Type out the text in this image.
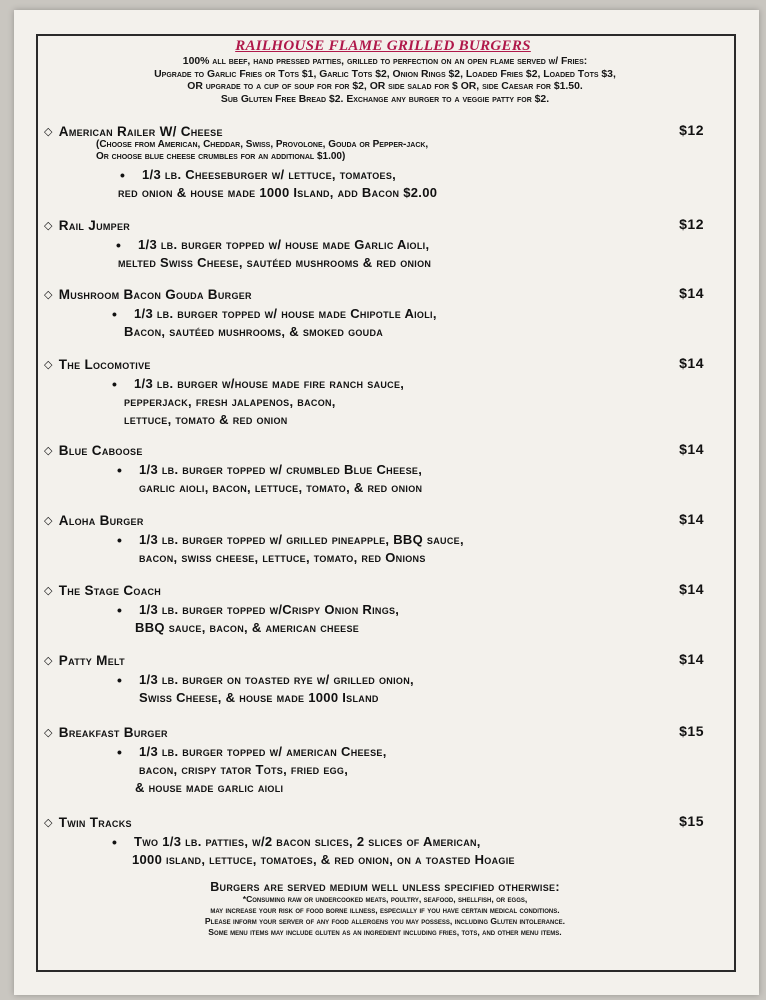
RAILHOUSE FLAME GRILLED BURGERS
100% all beef, hand pressed patties, grilled to perfection on an open flame served w/ Fries:
Upgrade to Garlic Fries or Tots $1, Garlic Tots $2, Onion Rings $2, Loaded Fries $2, Loaded Tots $3,
OR upgrade to a cup of soup for for $2, OR side salad for $ OR, side Caesar for $1.50.
Sub Gluten Free Bread $2. Exchange any burger to a veggie patty for $2.
◇ American Railer W/ Cheese	$12
(Choose from American, Cheddar, Swiss, Provolone, Gouda or Pepper-jack,
Or choose blue cheese crumbles for an additional $1.00)
• 1/3 lb. Cheeseburger w/ lettuce, tomatoes,
red onion & house made 1000 Island, add Bacon $2.00
◇ Rail Jumper	$12
• 1/3 lb. burger topped w/ house made Garlic Aioli,
melted Swiss Cheese, sautéed mushrooms & red onion
◇ Mushroom Bacon Gouda Burger	$14
• 1/3 lb. burger topped w/ house made Chipotle Aioli,
Bacon, sautéed mushrooms, & smoked gouda
◇ The Locomotive	$14
• 1/3 lb. burger w/house made fire ranch sauce,
pepperjack, fresh jalapenos, bacon,
lettuce, tomato & red onion
◇ Blue Caboose	$14
• 1/3 lb. burger topped w/ crumbled Blue Cheese,
garlic aioli, bacon, lettuce, tomato, & red onion
◇ Aloha Burger	$14
• 1/3 lb. burger topped w/ grilled pineapple, BBQ sauce,
bacon, swiss cheese, lettuce, tomato, red Onions
◇ The Stage Coach	$14
• 1/3 lb. burger topped w/Crispy Onion Rings,
BBQ sauce, bacon, & american cheese
◇ Patty Melt	$14
• 1/3 lb. burger on toasted rye w/ grilled onion,
Swiss Cheese, & house made 1000 Island
◇ Breakfast Burger	$15
• 1/3 lb. burger topped w/ american Cheese,
bacon, crispy tator Tots, fried egg,
& house made garlic aioli
◇ Twin Tracks	$15
• Two 1/3 lb. patties, w/2 bacon slices, 2 slices of American,
1000 island, lettuce, tomatoes, & red onion, on a toasted Hoagie
Burgers are served medium well unless specified otherwise:
*Consuming raw or undercooked meats, poultry, seafood, shellfish, or eggs,
may increase your risk of food borne illness, especially if you have certain medical conditions.
Please inform your server of any food allergens you may possess, including Gluten intolerance.
Some menu items may include gluten as an ingredient including fries, tots, and other menu items.
